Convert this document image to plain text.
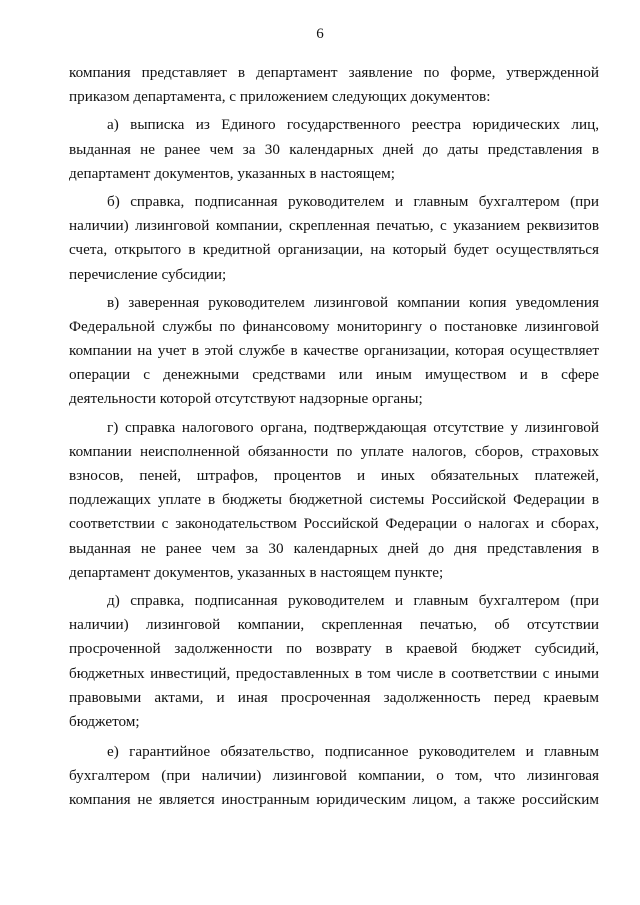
6
компания представляет в департамент заявление по форме, утвержденной
приказом департамента, с приложением следующих документов:
а) выписка из Единого государственного реестра юридических лиц,
выданная не ранее чем за 30 календарных дней до даты представления в
департамент документов, указанных в настоящем;
б) справка, подписанная руководителем и главным бухгалтером (при
наличии) лизинговой компании, скрепленная печатью, с указанием реквизитов
счета, открытого в кредитной организации, на который будет осуществляться
перечисление субсидии;
в) заверенная руководителем лизинговой компании копия уведомления
Федеральной службы по финансовому мониторингу о постановке лизинговой
компании на учет в этой службе в качестве организации, которая осуществляет
операции с денежными средствами или иным имуществом и в сфере
деятельности которой отсутствуют надзорные органы;
г) справка налогового органа, подтверждающая отсутствие у лизинговой
компании неисполненной обязанности по уплате налогов, сборов, страховых
взносов, пеней, штрафов, процентов и иных обязательных платежей,
подлежащих уплате в бюджеты бюджетной системы Российской Федерации в
соответствии с законодательством Российской Федерации о налогах и сборах,
выданная не ранее чем за 30 календарных дней до дня представления в
департамент документов, указанных в настоящем пункте;
д) справка, подписанная руководителем и главным бухгалтером (при
наличии) лизинговой компании, скрепленная печатью, об отсутствии
просроченной задолженности по возврату в краевой бюджет субсидий,
бюджетных инвестиций, предоставленных в том числе в соответствии с иными
правовыми актами, и иная просроченная задолженность перед краевым
бюджетом;
е) гарантийное обязательство, подписанное руководителем и главным
бухгалтером (при наличии) лизинговой компании, о том, что лизинговая
компания не является иностранным юридическим лицом, а также российским
